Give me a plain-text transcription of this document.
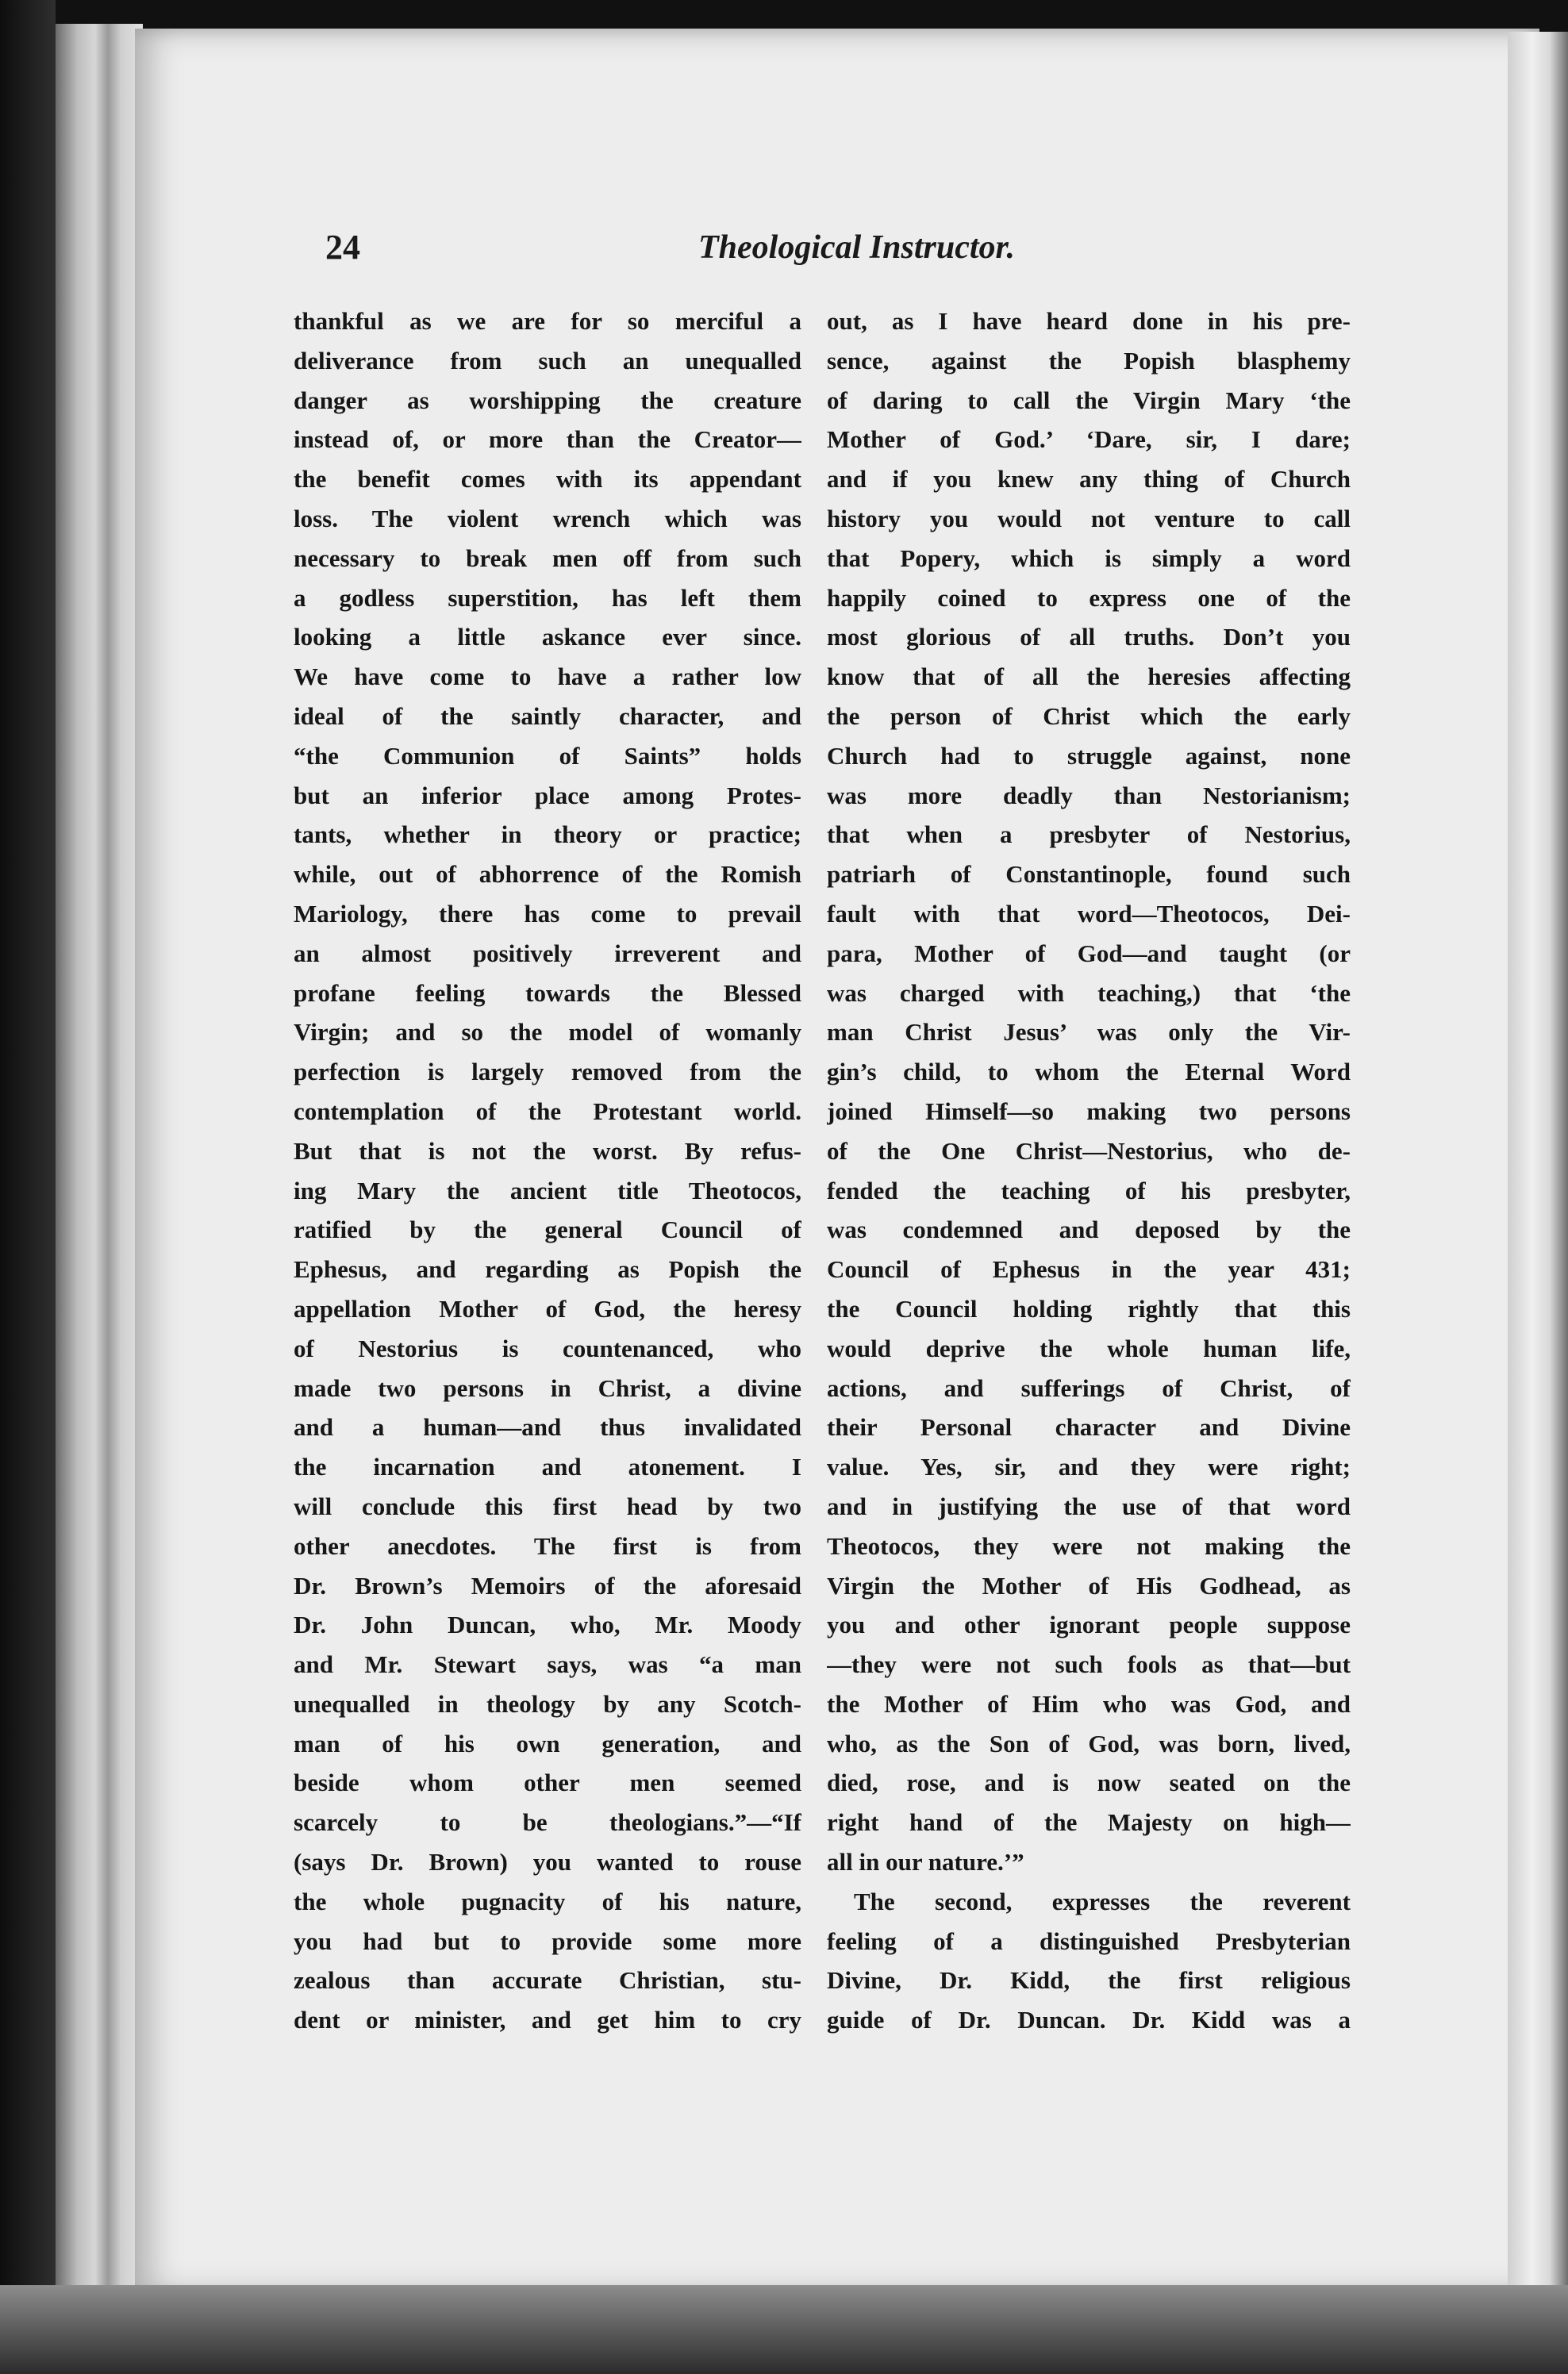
24	Theological Instructor.
thankful as we are for so merciful a
deliverance from such an unequalled
danger as worshipping the creature
instead of, or more than the Creator—
the benefit comes with its appendant
loss. The violent wrench which was
necessary to break men off from such
a godless superstition, has left them
looking a little askance ever since.
We have come to have a rather low
ideal of the saintly character, and
“the Communion of Saints” holds
but an inferior place among Protes-
tants, whether in theory or practice;
while, out of abhorrence of the Romish
Mariology, there has come to prevail
an almost positively irreverent and
profane feeling towards the Blessed
Virgin; and so the model of womanly
perfection is largely removed from the
contemplation of the Protestant world.
But that is not the worst. By refus-
ing Mary the ancient title Theotocos,
ratified by the general Council of
Ephesus, and regarding as Popish the
appellation Mother of God, the heresy
of Nestorius is countenanced, who
made two persons in Christ, a divine
and a human—and thus invalidated
the incarnation and atonement. I
will conclude this first head by two
other anecdotes. The first is from
Dr. Brown’s Memoirs of the aforesaid
Dr. John Duncan, who, Mr. Moody
and Mr. Stewart says, was “a man
unequalled in theology by any Scotch-
man of his own generation, and
beside whom other men seemed
scarcely to be theologians.”—“If
(says Dr. Brown) you wanted to rouse
the whole pugnacity of his nature,
you had but to provide some more
zealous than accurate Christian, stu-
dent or minister, and get him to cry
out, as I have heard done in his pre-
sence, against the Popish blasphemy
of daring to call the Virgin Mary ‘the
Mother of God.’ ‘Dare, sir, I dare;
and if you knew any thing of Church
history you would not venture to call
that Popery, which is simply a word
happily coined to express one of the
most glorious of all truths. Don’t you
know that of all the heresies affecting
the person of Christ which the early
Church had to struggle against, none
was more deadly than Nestorianism;
that when a presbyter of Nestorius,
patriarh of Constantinople, found such
fault with that word—Theotocos, Dei-
para, Mother of God—and taught (or
was charged with teaching,) that ‘the
man Christ Jesus’ was only the Vir-
gin’s child, to whom the Eternal Word
joined Himself—so making two persons
of the One Christ—Nestorius, who de-
fended the teaching of his presbyter,
was condemned and deposed by the
Council of Ephesus in the year 431;
the Council holding rightly that this
would deprive the whole human life,
actions, and sufferings of Christ, of
their Personal character and Divine
value. Yes, sir, and they were right;
and in justifying the use of that word
Theotocos, they were not making the
Virgin the Mother of His Godhead, as
you and other ignorant people suppose
—they were not such fools as that—but
the Mother of Him who was God, and
who, as the Son of God, was born, lived,
died, rose, and is now seated on the
right hand of the Majesty on high—
all in our nature.’”
The second, expresses the reverent
feeling of a distinguished Presbyterian
Divine, Dr. Kidd, the first religious
guide of Dr. Duncan. Dr. Kidd was a
